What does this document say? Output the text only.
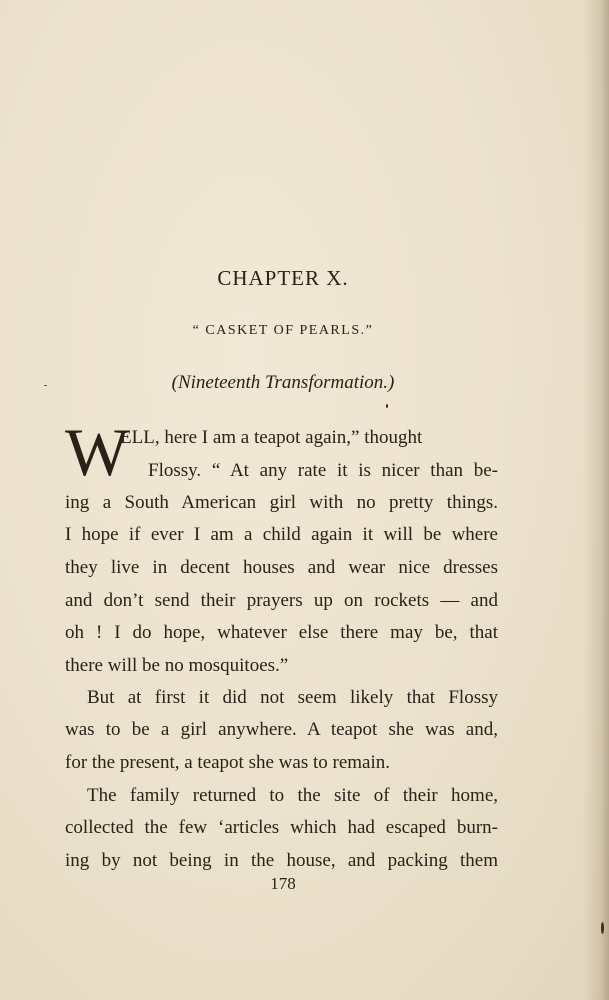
CHAPTER X.
“ CASKET OF PEARLS.”
(Nineteenth Transformation.)
W
ELL, here I am a teapot again,” thought
Flossy. “ At any rate it is nicer than be-
ing a South American girl with no pretty things.
I hope if ever I am a child again it will be where
they live in decent houses and wear nice dresses
and don’t send their prayers up on rockets — and
oh ! I do hope, whatever else there may be, that
there will be no mosquitoes.”
But at first it did not seem likely that Flossy
was to be a girl anywhere. A teapot she was and,
for the present, a teapot she was to remain.
The family returned to the site of their home,
collected the few ‘articles which had escaped burn-
ing by not being in the house, and packing them
178
